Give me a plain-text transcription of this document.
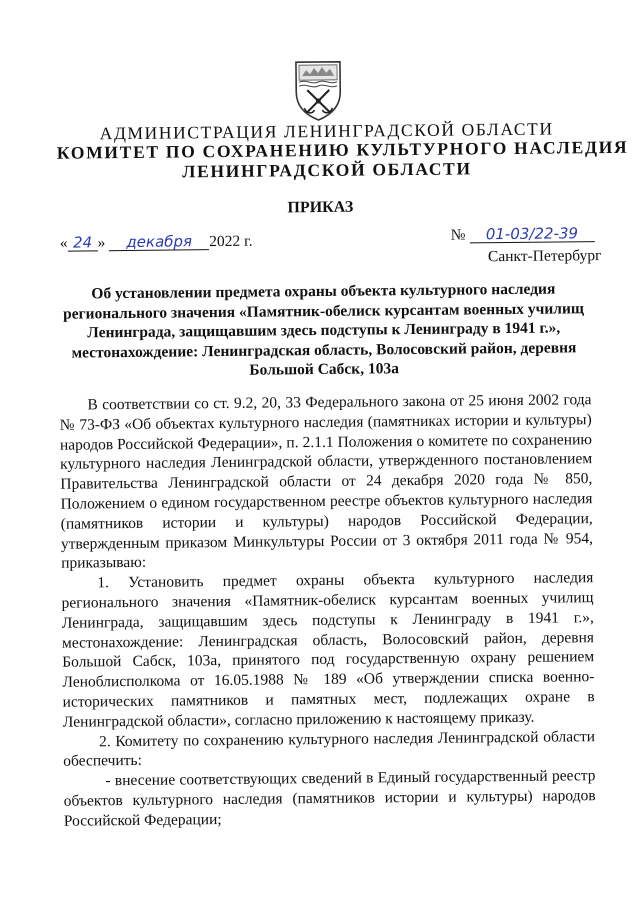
АДМИНИСТРАЦИЯ ЛЕНИНГРАДСКОЙ ОБЛАСТИ
КОМИТЕТ ПО СОХРАНЕНИЮ КУЛЬТУРНОГО НАСЛЕДИЯ
ЛЕНИНГРАДСКОЙ ОБЛАСТИ
ПРИКАЗ
« 24 » декабря 2022 г.	№ 01-03/22-39
Санкт-Петербург
Об установлении предмета охраны объекта культурного наследия регионального значения «Памятник-обелиск курсантам военных училищ Ленинграда, защищавшим здесь подступы к Ленинграду в 1941 г.», местонахождение: Ленинградская область, Волосовский район, деревня Большой Сабск, 103а

В соответствии со ст. 9.2, 20, 33 Федерального закона от 25 июня 2002 года № 73-ФЗ «Об объектах культурного наследия (памятниках истории и культуры) народов Российской Федерации», п. 2.1.1 Положения о комитете по сохранению культурного наследия Ленинградской области, утвержденного постановлением Правительства Ленинградской области от 24 декабря 2020 года № 850, Положением о едином государственном реестре объектов культурного наследия (памятников истории и культуры) народов Российской Федерации, утвержденным приказом Минкультуры России от 3 октября 2011 года № 954, приказываю:

1. Установить предмет охраны объекта культурного наследия регионального значения «Памятник-обелиск курсантам военных училищ Ленинграда, защищавшим здесь подступы к Ленинграду в 1941 г.», местонахождение: Ленинградская область, Волосовский район, деревня Большой Сабск, 103а, принятого под государственную охрану решением Леноблисполкома от 16.05.1988 № 189 «Об утверждении списка военно-исторических памятников и памятных мест, подлежащих охране в Ленинградской области», согласно приложению к настоящему приказу.

2. Комитету по сохранению культурного наследия Ленинградской области обеспечить:

- внесение соответствующих сведений в Единый государственный реестр объектов культурного наследия (памятников истории и культуры) народов Российской Федерации;
